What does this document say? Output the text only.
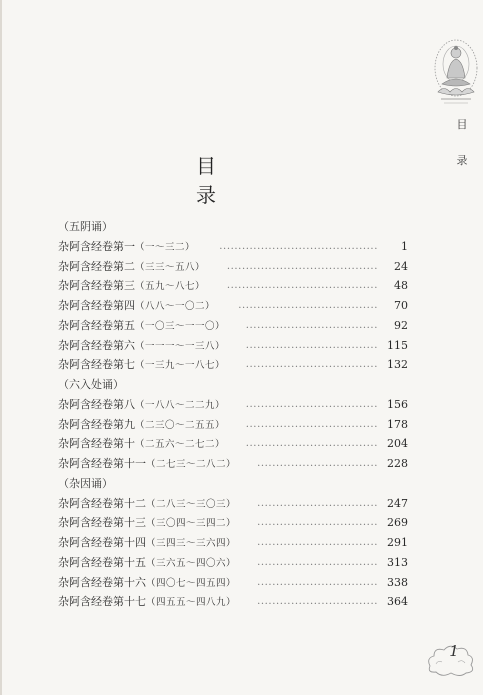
目
录
目录
（五阴诵）
杂阿含经卷第一（一～三二）	..........................................	1
杂阿含经卷第二（三三～五八）	........................................	24
杂阿含经卷第三（五九～八七）	........................................	48
杂阿含经卷第四（八八～一〇二）	.....................................	70
杂阿含经卷第五（一〇三～一一〇）	...................................	92
杂阿含经卷第六（一一一～一三八）	................................... 115
杂阿含经卷第七（一三九～一八七）	................................... 132
（六入处诵）
杂阿含经卷第八（一八八～二二九）	................................... 156
杂阿含经卷第九（二三〇～二五五）	................................... 178
杂阿含经卷第十（二五六～二七二）	................................... 204
杂阿含经卷第十一（二七三～二八二）	................................ 228
（杂因诵）
杂阿含经卷第十二（二八三～三〇三）	................................ 247
杂阿含经卷第十三（三〇四～三四二）	................................ 269
杂阿含经卷第十四（三四三～三六四）	................................ 291
杂阿含经卷第十五（三六五～四〇六）	................................ 313
杂阿含经卷第十六（四〇七～四五四）	................................ 338
杂阿含经卷第十七（四五五～四八九）	................................ 364
1
